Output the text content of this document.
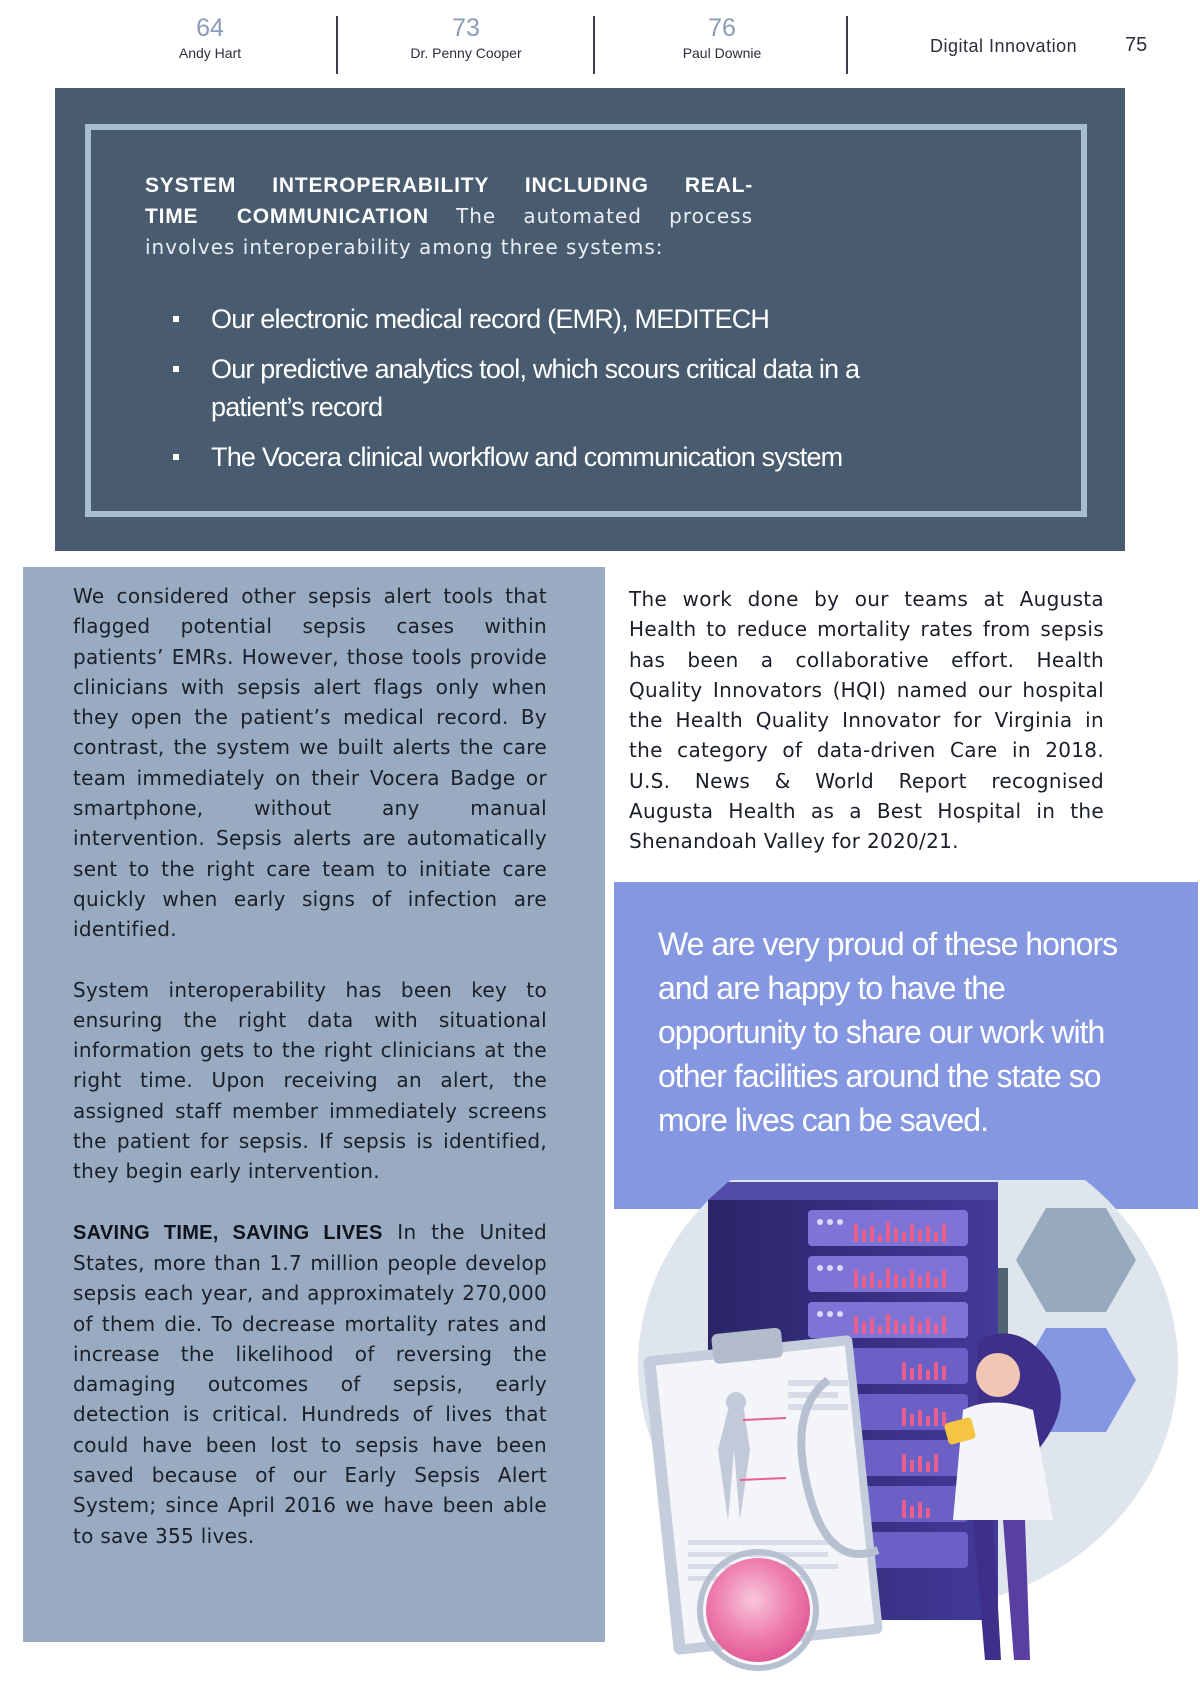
64
Andy Hart
73
Dr. Penny Cooper
76
Paul Downie	Digital Innovation 75
SYSTEM INTEROPERABILITY INCLUDING REAL-TIME COMMUNICATION The automated process involves interoperability among three systems:
Our electronic medical record (EMR), MEDITECH
Our predictive analytics tool, which scours critical data in a patient’s record
The Vocera clinical workflow and communication system

We considered other sepsis alert tools that flagged potential sepsis cases within patients’ EMRs. However, those tools provide clinicians with sepsis alert flags only when they open the patient’s medical record. By contrast, the system we built alerts the care team immediately on their Vocera Badge or smartphone, without any manual intervention. Sepsis alerts are automatically sent to the right care team to initiate care quickly when early signs of infection are identified.

System interoperability has been key to ensuring the right data with situational information gets to the right clinicians at the right time. Upon receiving an alert, the assigned staff member immediately screens the patient for sepsis. If sepsis is identified, they begin early intervention.

SAVING TIME, SAVING LIVES In the United States, more than 1.7 million people develop sepsis each year, and approximately 270,000 of them die. To decrease mortality rates and increase the likelihood of reversing the damaging outcomes of sepsis, early detection is critical. Hundreds of lives that could have been lost to sepsis have been saved because of our Early Sepsis Alert System; since April 2016 we have been able to save 355 lives.

The work done by our teams at Augusta Health to reduce mortality rates from sepsis has been a collaborative effort. Health Quality Innovators (HQI) named our hospital the Health Quality Innovator for Virginia in the category of data-driven Care in 2018. U.S. News & World Report recognised Augusta Health as a Best Hospital in the Shenandoah Valley for 2020/21.
We are very proud of these honors and are happy to have the opportunity to share our work with other facilities around the state so more lives can be saved.
